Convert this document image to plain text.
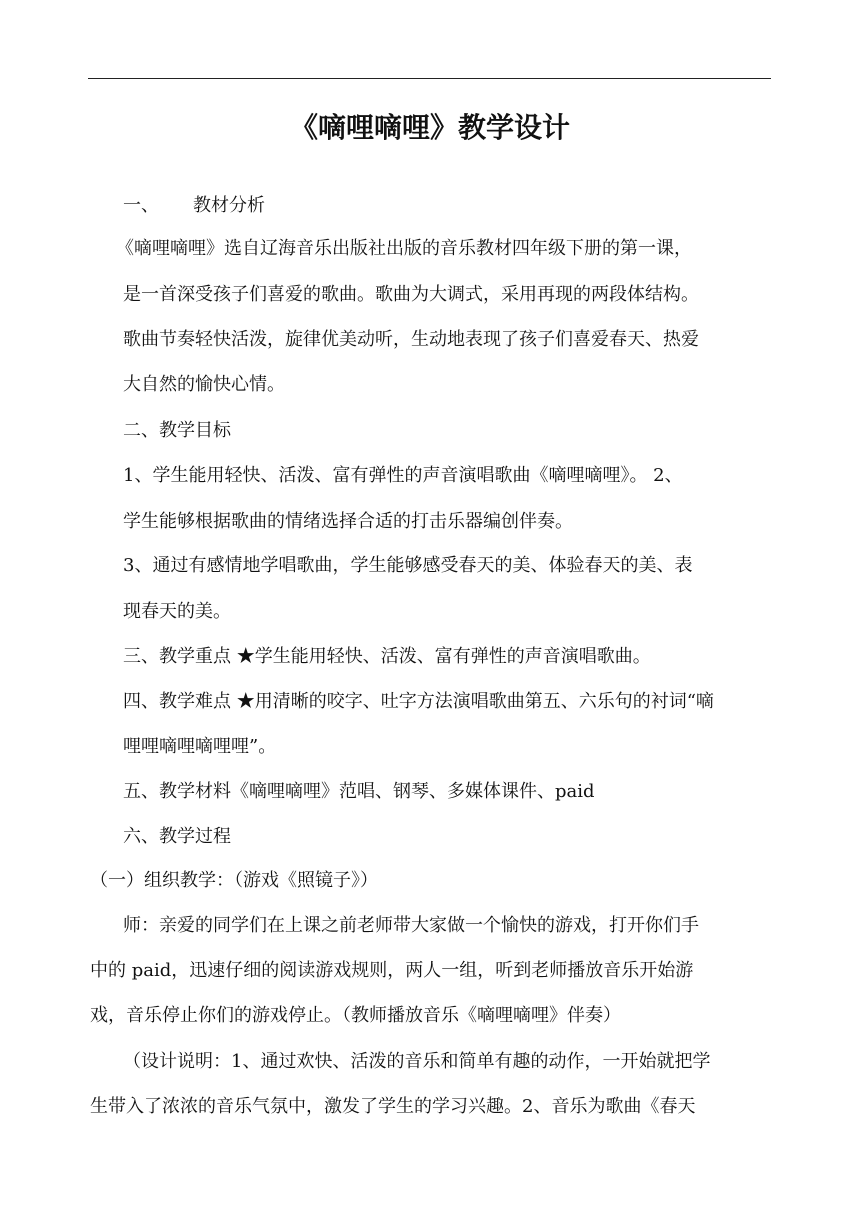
《嘀哩嘀哩》教学设计
一、 教材分析
《嘀哩嘀哩》选自辽海音乐出版社出版的音乐教材四年级下册的第一课，
是一首深受孩子们喜爱的歌曲。歌曲为大调式，采用再现的两段体结构。
歌曲节奏轻快活泼，旋律优美动听，生动地表现了孩子们喜爱春天、热爱
大自然的愉快心情。
二、教学目标
1、学生能用轻快、活泼、富有弹性的声音演唱歌曲《嘀哩嘀哩》。 2、
学生能够根据歌曲的情绪选择合适的打击乐器编创伴奏。
3、通过有感情地学唱歌曲，学生能够感受春天的美、体验春天的美、表
现春天的美。
三、教学重点 ★学生能用轻快、活泼、富有弹性的声音演唱歌曲。
四、教学难点 ★用清晰的咬字、吐字方法演唱歌曲第五、六乐句的衬词“嘀
哩哩嘀哩嘀哩哩”。
五、教学材料《嘀哩嘀哩》范唱、钢琴、多媒体课件、paid
六、教学过程
（一）组织教学：（游戏《照镜子》）
师：亲爱的同学们在上课之前老师带大家做一个愉快的游戏，打开你们手
中的 paid，迅速仔细的阅读游戏规则，两人一组，听到老师播放音乐开始游
戏，音乐停止你们的游戏停止。（教师播放音乐《嘀哩嘀哩》伴奏）
（设计说明：1、通过欢快、活泼的音乐和简单有趣的动作，一开始就把学
生带入了浓浓的音乐气氛中，激发了学生的学习兴趣。2、音乐为歌曲《春天
